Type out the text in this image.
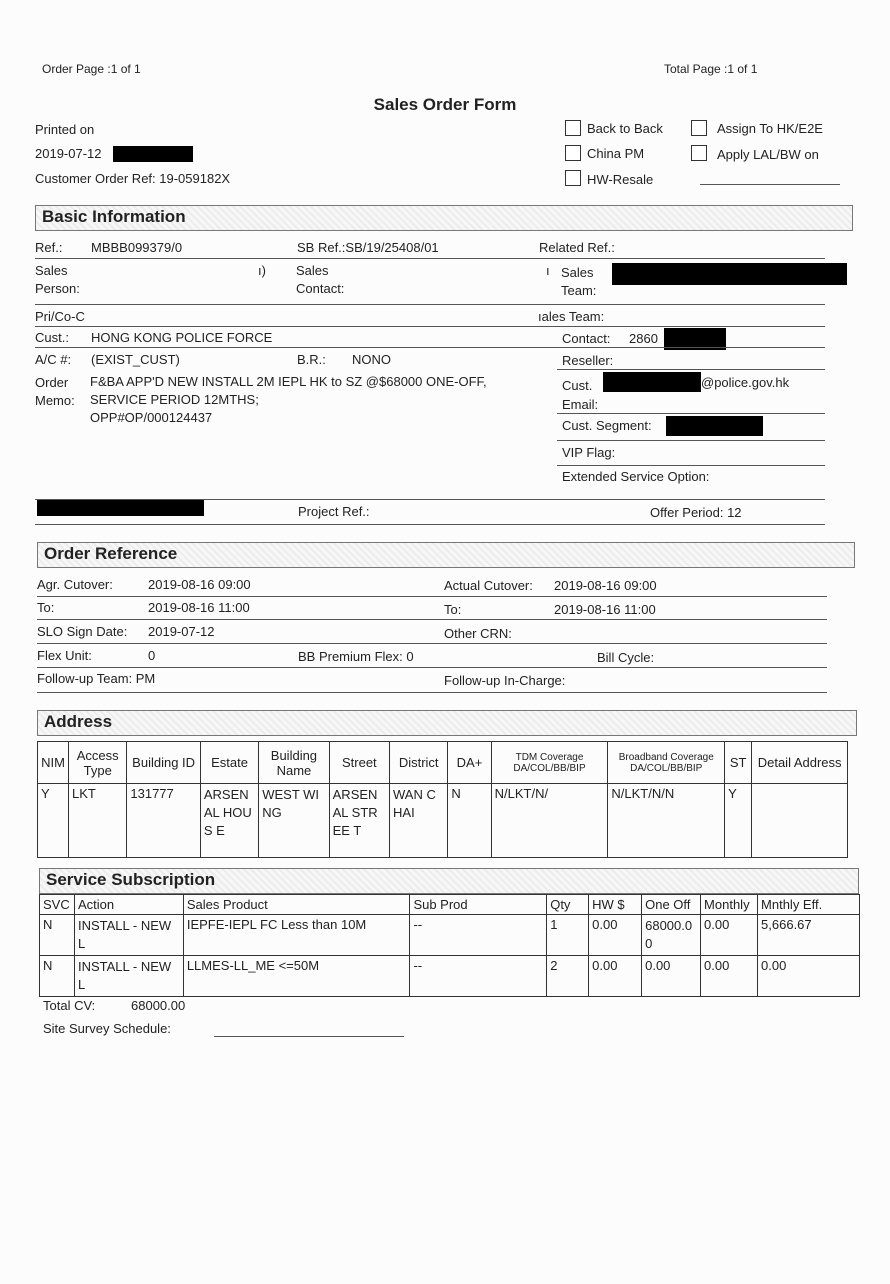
Order Page :1 of 1	Total Page :1 of 1
Sales Order Form
Printed on
2019-07-12
Customer Order Ref: 19-059182X
Back to Back	Assign To HK/E2E
China PM	Apply LAL/BW on
HW-Resale
Basic Information
Ref.: MBBB099379/0	SB Ref.:SB/19/25408/01	Related Ref.:
Sales
Person:
ı) Sales
Contact:
ı Sales
Team:
Pri/Co-C	ıales Team:
Cust.: HONG KONG POLICE FORCE	Contact: 2860
A/C #: (EXIST_CUST)	B.R.: NONO	Reseller:
Order
Memo:
F&BA APP'D NEW INSTALL 2M IEPL HK to SZ @$68000 ONE-OFF,
SERVICE PERIOD 12MTHS;
OPP#OP/000124437
Cust.
Email:
@police.gov.hk
Cust. Segment:
VIP Flag:
Extended Service Option:
Project Ref.:	Offer Period: 12
Order Reference
Agr. Cutover:	2019-08-16 09:00	Actual Cutover: 2019-08-16 09:00
To:	2019-08-16 11:00	To:	2019-08-16 11:00
SLO Sign Date: 2019-07-12	Other CRN:
Flex Unit:	0	BB Premium Flex: 0	Bill Cycle:
Follow-up Team: PM	Follow-up In-Charge:
Address
NIM	Access Type	Building ID	Estate	Building Name	Street	District	DA+	TDM Coverage DA/COL/BB/BIP	Broadband Coverage DA/COL/BB/BIP	ST	Detail Address
Y	LKT	131777	ARSEN AL HOUS E	WEST WING	ARSEN AL STREE T	WAN CHAI	N	N/LKT/N/	N/LKT/N/N	Y	
Service Subscription
SVC	Action	Sales Product	Sub Prod	Qty	HW $	One Off	Monthly	Mnthly Eff.
N	INSTALL - NEW L	IEPFE-IEPL FC Less than 10M	--	1	0.00	68000.00	0.00	5,666.67
N	INSTALL - NEW L	LLMES-LL_ME <=50M	--	2	0.00	0.00	0.00	0.00
Total CV:	68000.00
Site Survey Schedule:
